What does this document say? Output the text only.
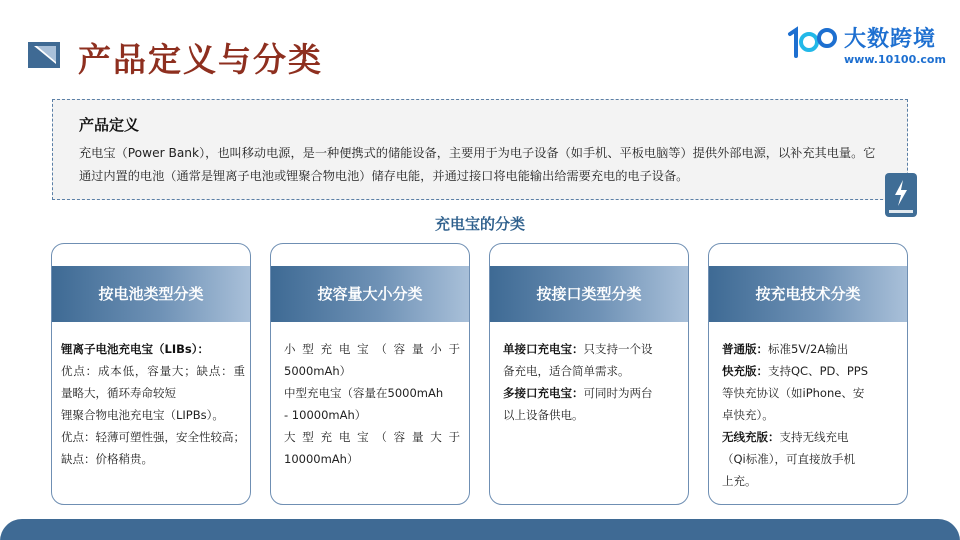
产品定义与分类
大数跨境
www.10100.com
产品定义
充电宝（Power Bank），也叫移动电源，是一种便携式的储能设备，主要用于为电子设备（如手机、平板电脑等）提供外部电源，以补充其电量。它通过内置的电池（通常是锂离子电池或锂聚合物电池）储存电能，并通过接口将电能输出给需要充电的电子设备。
充电宝的分类
按电池类型分类

锂离子电池充电宝（LIBs）：

优点：成本低，容量大；缺点：重

量略大，循环寿命较短

锂聚合物电池充电宝（LIPBs）。

优点：轻薄可塑性强，安全性较高；

缺点：价格稍贵。

按容量大小分类

小型充电宝（容量小于

5000mAh）

中型充电宝（容量在5000mAh

- 10000mAh）

大型充电宝（容量大于

10000mAh）

按接口类型分类

单接口充电宝：只支持一个设

备充电，适合简单需求。

多接口充电宝：可同时为两台

以上设备供电。

按充电技术分类

普通版：标准5V/2A输出

快充版：支持QC、PD、PPS

等快充协议（如iPhone、安

卓快充）。

无线充版：支持无线充电

（Qi标准），可直接放手机

上充。
